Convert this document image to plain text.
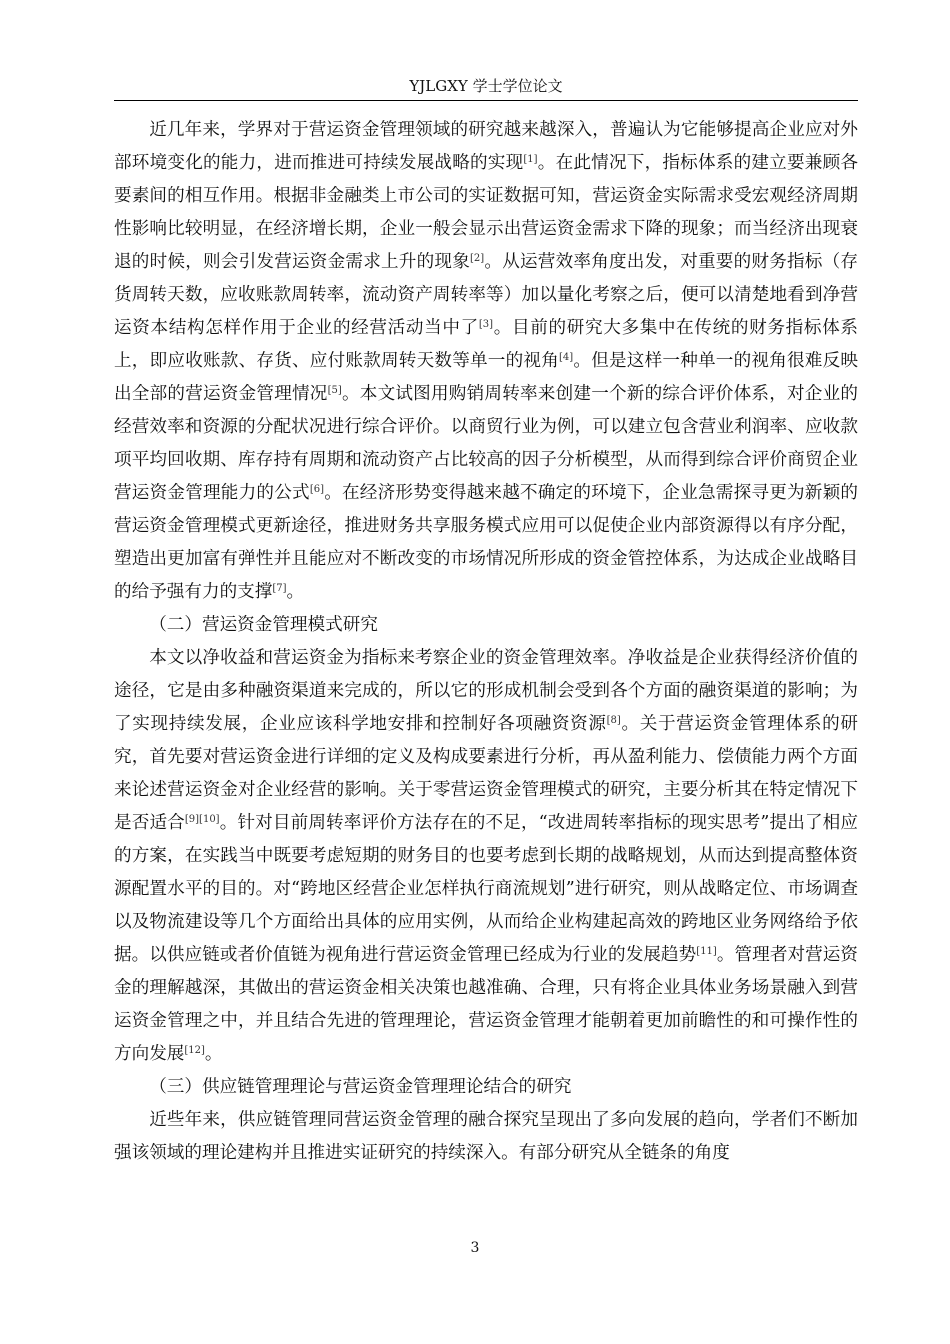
YJLGXY 学士学位论文

近几年来，学界对于营运资金管理领域的研究越来越深入，普遍认为它能够提高企业应对外部环境变化的能力，进而推进可持续发展战略的实现[1]。在此情况下，指标体系的建立要兼顾各要素间的相互作用。根据非金融类上市公司的实证数据可知，营运资金实际需求受宏观经济周期性影响比较明显，在经济增长期，企业一般会显示出营运资金需求下降的现象；而当经济出现衰退的时候，则会引发营运资金需求上升的现象[2]。从运营效率角度出发，对重要的财务指标（存货周转天数，应收账款周转率，流动资产周转率等）加以量化考察之后，便可以清楚地看到净营运资本结构怎样作用于企业的经营活动当中了[3]。目前的研究大多集中在传统的财务指标体系上，即应收账款、存货、应付账款周转天数等单一的视角[4]。但是这样一种单一的视角很难反映出全部的营运资金管理情况[5]。本文试图用购销周转率来创建一个新的综合评价体系，对企业的经营效率和资源的分配状况进行综合评价。以商贸行业为例，可以建立包含营业利润率、应收款项平均回收期、库存持有周期和流动资产占比较高的因子分析模型，从而得到综合评价商贸企业营运资金管理能力的公式[6]。在经济形势变得越来越不确定的环境下，企业急需探寻更为新颖的营运资金管理模式更新途径，推进财务共享服务模式应用可以促使企业内部资源得以有序分配，塑造出更加富有弹性并且能应对不断改变的市场情况所形成的资金管控体系，为达成企业战略目的给予强有力的支撑[7]。

（二）营运资金管理模式研究

本文以净收益和营运资金为指标来考察企业的资金管理效率。净收益是企业获得经济价值的途径，它是由多种融资渠道来完成的，所以它的形成机制会受到各个方面的融资渠道的影响；为了实现持续发展，企业应该科学地安排和控制好各项融资资源[8]。关于营运资金管理体系的研究，首先要对营运资金进行详细的定义及构成要素进行分析，再从盈利能力、偿债能力两个方面来论述营运资金对企业经营的影响。关于零营运资金管理模式的研究，主要分析其在特定情况下是否适合[9][10]。针对目前周转率评价方法存在的不足，“改进周转率指标的现实思考”提出了相应的方案，在实践当中既要考虑短期的财务目的也要考虑到长期的战略规划，从而达到提高整体资源配置水平的目的。对“跨地区经营企业怎样执行商流规划”进行研究，则从战略定位、市场调查以及物流建设等几个方面给出具体的应用实例，从而给企业构建起高效的跨地区业务网络给予依据。以供应链或者价值链为视角进行营运资金管理已经成为行业的发展趋势[11]。管理者对营运资金的理解越深，其做出的营运资金相关决策也越准确、合理，只有将企业具体业务场景融入到营运资金管理之中，并且结合先进的管理理论，营运资金管理才能朝着更加前瞻性的和可操作性的方向发展[12]。

（三）供应链管理理论与营运资金管理理论结合的研究

近些年来，供应链管理同营运资金管理的融合探究呈现出了多向发展的趋向，学者们不断加强该领域的理论建构并且推进实证研究的持续深入。有部分研究从全链条的角度

3
